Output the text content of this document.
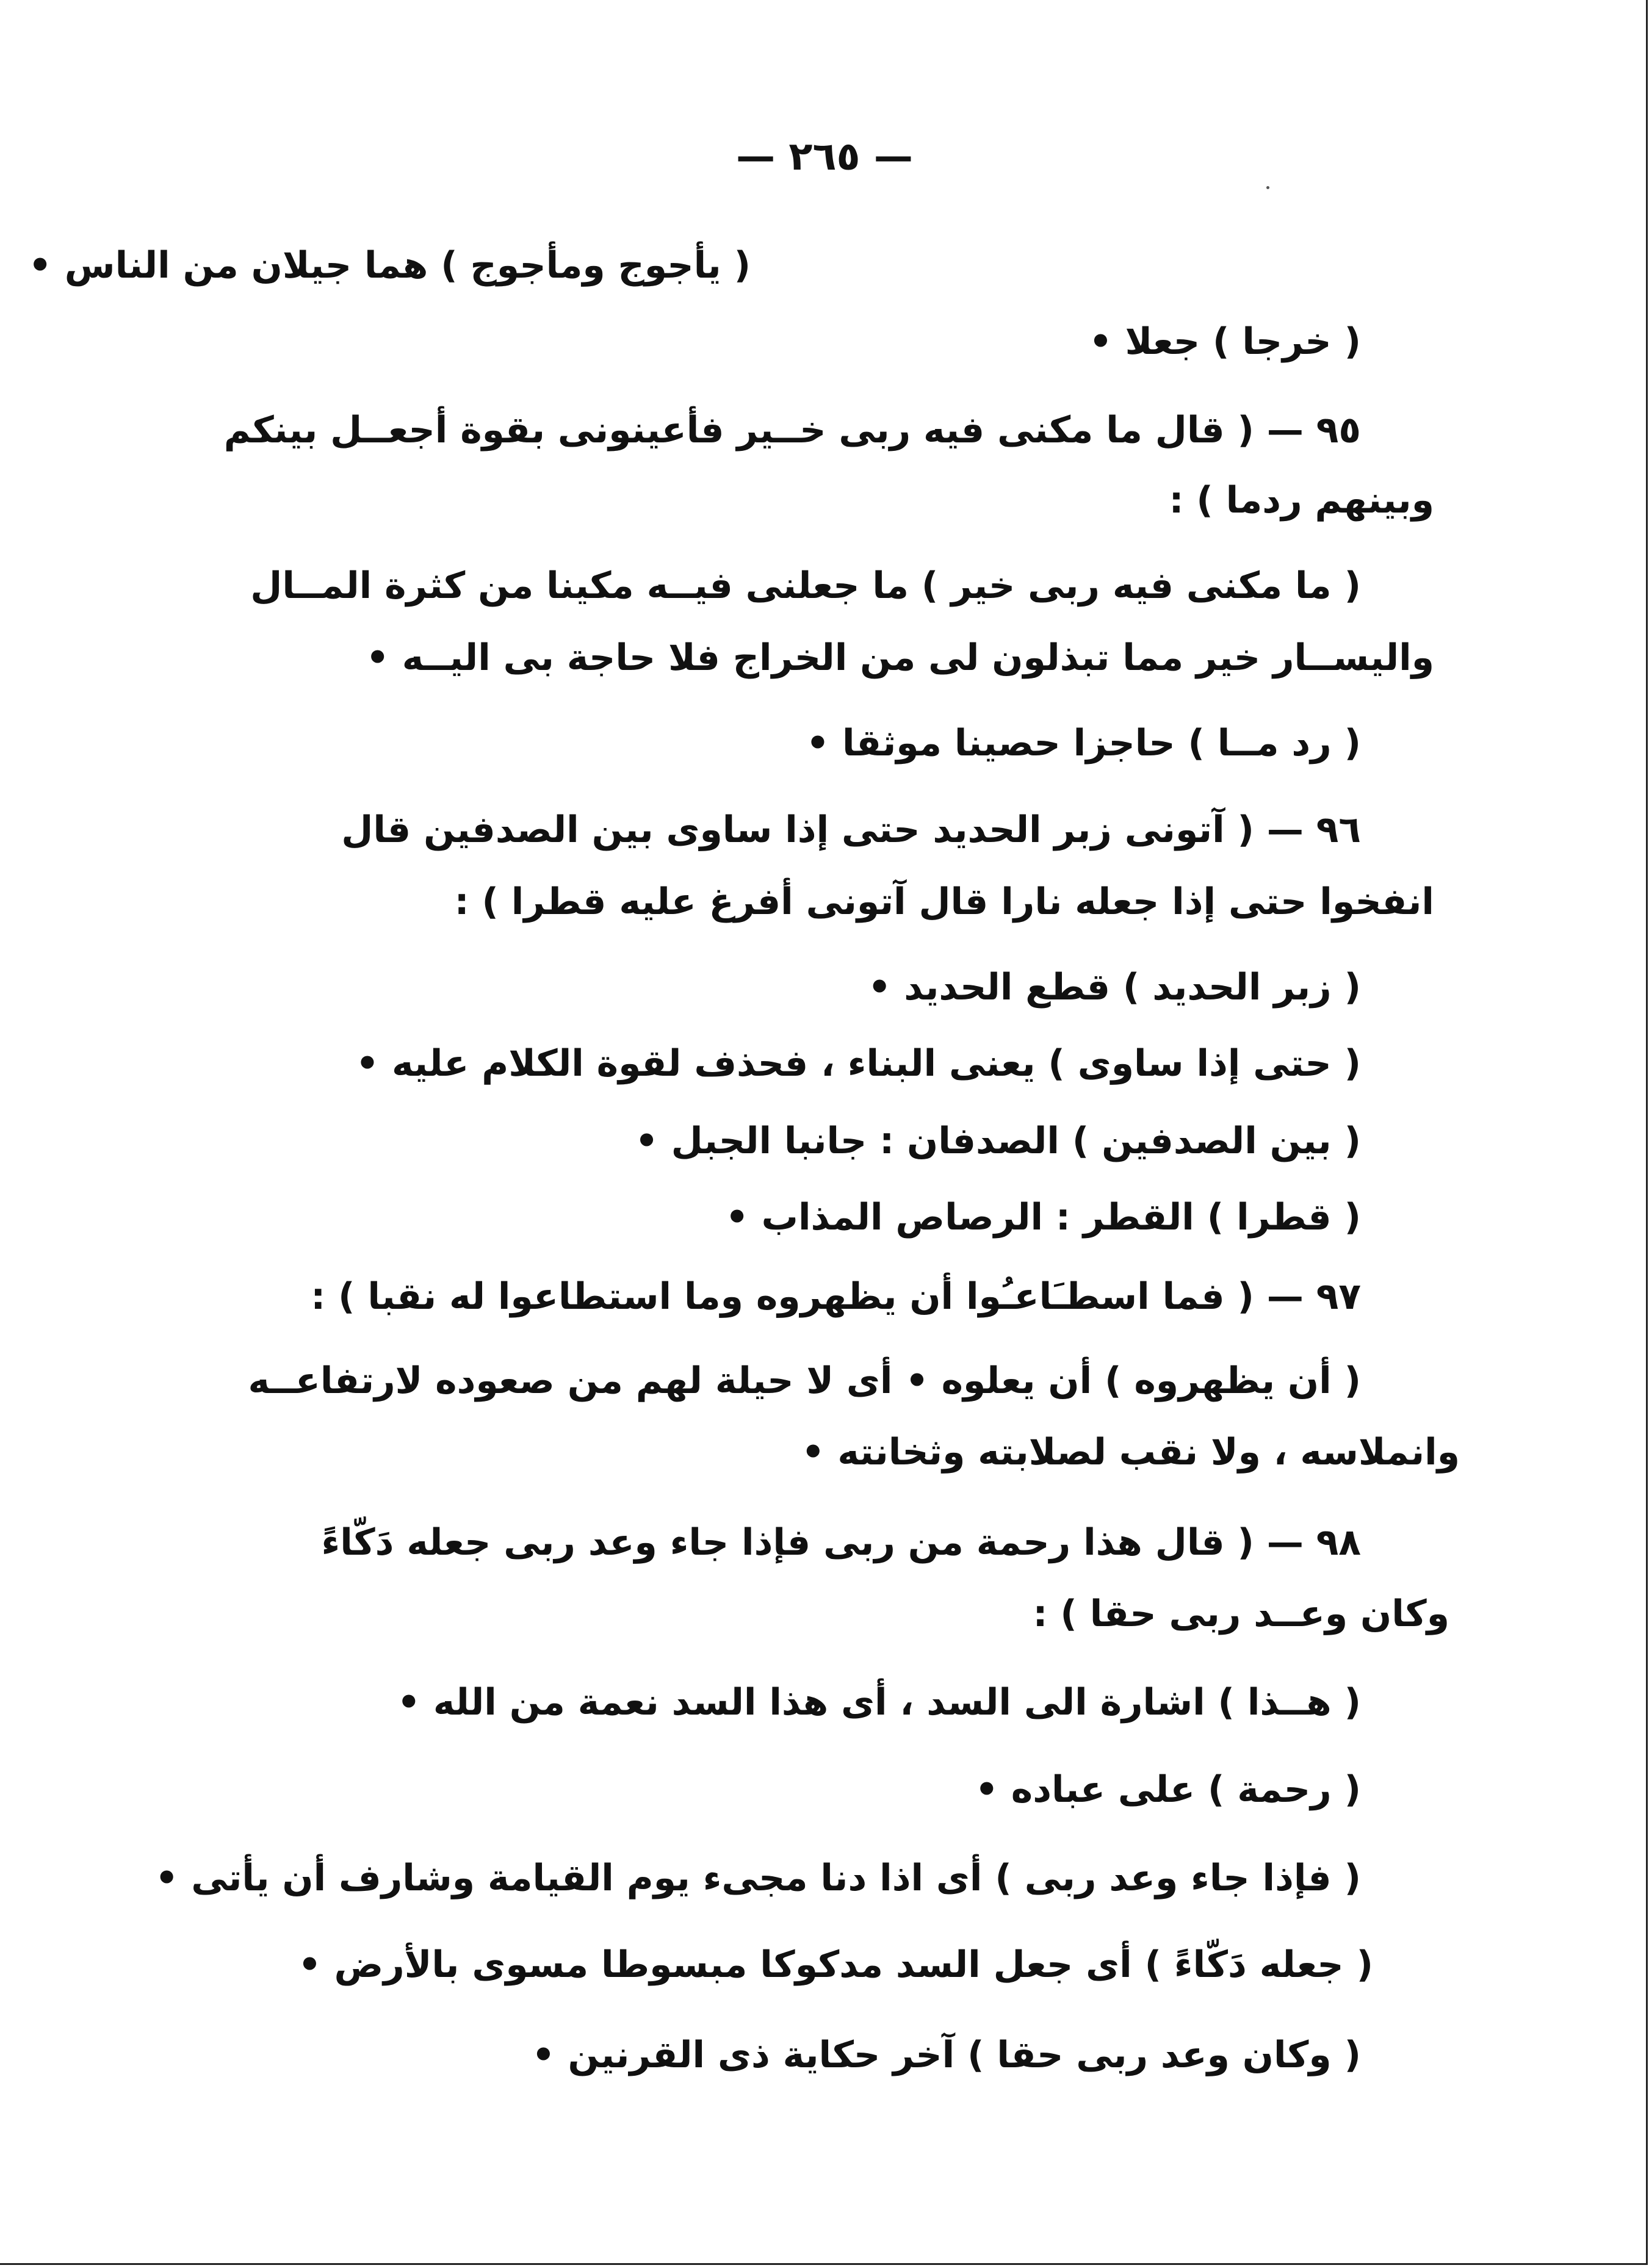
— ٢٦٥ —
( يأجوج ومأجوج ) هما جيلان من الناس •
( خرجا ) جعلا •
٩٥ — ( قال ما مكنى فيه ربى خــير فأعينونى بقوة أجعــل بينكم
وبينهم ردما ) :
( ما مكنى فيه ربى خير ) ما جعلنى فيــه مكينا من كثرة المــال
واليســار خير مما تبذلون لى من الخراج فلا حاجة بى اليــه •
( رد مــا ) حاجزا حصينا موثقا •
٩٦ — ( آتونى زبر الحديد حتى إذا ساوى بين الصدفين قال
انفخوا حتى إذا جعله نارا قال آتونى أفرغ عليه قطرا ) :
( زبر الحديد ) قطع الحديد •
( حتى إذا ساوى ) يعنى البناء ، فحذف لقوة الكلام عليه •
( بين الصدفين ) الصدفان : جانبا الجبل •
( قطرا ) القطر : الرصاص المذاب •
٩٧ — ( فما اسطـَاعـُوا أن يظهروه وما استطاعوا له نقبا ) :
( أن يظهروه ) أن يعلوه • أى لا حيلة لهم من صعوده لارتفاعــه
وانملاسه ، ولا نقب لصلابته وثخانته •
٩٨ — ( قال هذا رحمة من ربى فإذا جاء وعد ربى جعله دَكّاءً
وكان وعــد ربى حقا ) :
( هــذا ) اشارة الى السد ، أى هذا السد نعمة من الله •
( رحمة ) على عباده •
( فإذا جاء وعد ربى ) أى اذا دنا مجىء يوم القيامة وشارف أن يأتى •
( جعله دَكّاءً ) أى جعل السد مدكوكا مبسوطا مسوى بالأرض •
( وكان وعد ربى حقا ) آخر حكاية ذى القرنين •
